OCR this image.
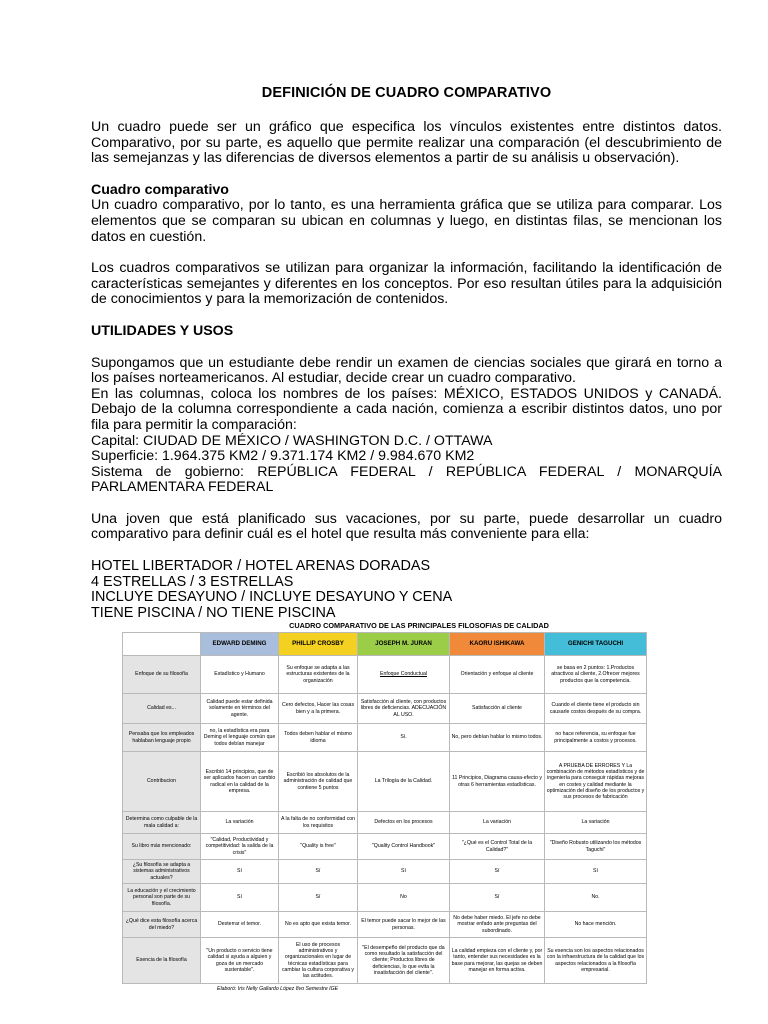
DEFINICIÓN DE CUADRO COMPARATIVO

Un cuadro puede ser un gráfico que especifica los vínculos existentes entre distintos datos. Comparativo, por su parte, es aquello que permite realizar una comparación (el descubrimiento de las semejanzas y las diferencias de diversos elementos a partir de su análisis u observación).

Cuadro comparativo

Un cuadro comparativo, por lo tanto, es una herramienta gráfica que se utiliza para comparar. Los elementos que se comparan su ubican en columnas y luego, en distintas filas, se mencionan los datos en cuestión.

Los cuadros comparativos se utilizan para organizar la información, facilitando la identificación de características semejantes y diferentes en los conceptos. Por eso resultan útiles para la adquisición de conocimientos y para la memorización de contenidos.

UTILIDADES Y USOS

Supongamos que un estudiante debe rendir un examen de ciencias sociales que girará en torno a los países norteamericanos. Al estudiar, decide crear un cuadro comparativo.

En las columnas, coloca los nombres de los países: MÉXICO, ESTADOS UNIDOS y CANADÁ. Debajo de la columna correspondiente a cada nación, comienza a escribir distintos datos, uno por fila para permitir la comparación:

Capital: CIUDAD DE MÉXICO / WASHINGTON D.C. / OTTAWA

Superficie: 1.964.375 KM2 / 9.371.174 KM2 / 9.984.670 KM2

Sistema de gobierno: REPÚBLICA FEDERAL / REPÚBLICA FEDERAL / MONARQUÍA PARLAMENTARA FEDERAL

Una joven que está planificado sus vacaciones, por su parte, puede desarrollar un cuadro comparativo para definir cuál es el hotel que resulta más conveniente para ella:

HOTEL LIBERTADOR / HOTEL ARENAS DORADAS

4 ESTRELLAS / 3 ESTRELLAS

INCLUYE DESAYUNO / INCLUYE DESAYUNO Y CENA

TIENE PISCINA / NO TIENE PISCINA

CUADRO COMPARATIVO DE LAS PRINCIPALES FILOSOFIAS DE CALIDAD
	EDWARD DEMING	PHILLIP CROSBY	JOSEPH M. JURAN	KAORU ISHIKAWA	GENICHI TAGUCHI
Enfoque de su filosofía	Estadístico y Humano	Su enfoque se adapta a las estructuras existentes de la organización	Enfoque Conductual	Orientación y enfoque al cliente	se basa en 2 puntos: 1.Productos atractivos al cliente, 2.Ofrecer mejores productos que la competencia.
Calidad es...	Calidad puede estar definida solamente en términos del agente.	Cero defectos, Hacer las cosas bien y a la primera.	Satisfacción al cliente, con productos libres de deficiencias. ADECUACIÓN AL USO.	Satisfacción al cliente	Cuando el cliente tiene el producto sin causarle costos después de su compra.
Pensaba que los empleados hablaban lenguaje propio	no, la estadística era para Deming el lenguaje común que todos debían manejar	Todos deben hablar el mismo idioma	Sí.	No, pero debían hablar lo mismo todos.	no hace referencia, su enfoque fue principalmente a costos y procesos.
Contribucion	Escribió 14 principios, que de ser aplicados hacen un cambio radical en la calidad de la empresa.	Escribió los absolutos de la administración de calidad que contiene 5 puntos	La Trilogía de la Calidad.	11 Principios, Diagrama causa-efecto y otras 6 herramientas estadísticas.	A PRUEBA DE ERRORES Y La combinación de métodos estadísticos y de ingeniería para conseguir rápidas mejoras en costes y calidad mediante la optimización del diseño de los productos y sus procesos de fabricación
Determina como culpable de la mala calidad a:	La variación	A la falta de no conformidad con los requisitos	Defectos en los procesos	La variación	La variación
Su libro más mencionado:	"Calidad, Productividad y competitividad: la salida de la crisis"	"Quality is free"	"Quality Control Handbook"	"¿Qué es el Control Total de la Calidad?"	"Diseño Robusto utilizando los métodos Taguchi"
¿Su filosofía se adapta a sistemas administrativos actuales?	Sí	Sí	Sí	Sí	Sí
La educación y el crecimiento personal son parte de su filosofía.	Sí	Sí	No	Sí	No.
¿Qué dice esta filosofía acerca del miedo?	Desterrar el temor.	No es apto que exista temor.	El temor puede sacar lo mejor de las personas.	No debe haber miedo. El jefe no debe mostrar enfado ante preguntas del subordinado.	No hace mención.
Esencia de la filosofía	"Un producto o servicio tiene calidad si ayuda a alguien y goza de un mercado sustentable".	El uso de procesos administrativos y organizacionales en lugar de técnicas estadísticas para cambiar la cultura corporativa y las actitudes.	"El desempeño del producto que da como resultado la satisfacción del cliente; Productos libres de deficiencias, lo que evita la insatisfacción del cliente".	La calidad empieza con el cliente y, por tanto, entender sus necesidades es la base para mejorar, las quejas se deben manejar en forma activa.	Su esencia son los aspectos relacionados con la infraestructura de la calidad que los aspectos relacionados a la filosofía empresarial.
Elaboró: Iris Nelly Gallardo López 8vo Semestre IGE
